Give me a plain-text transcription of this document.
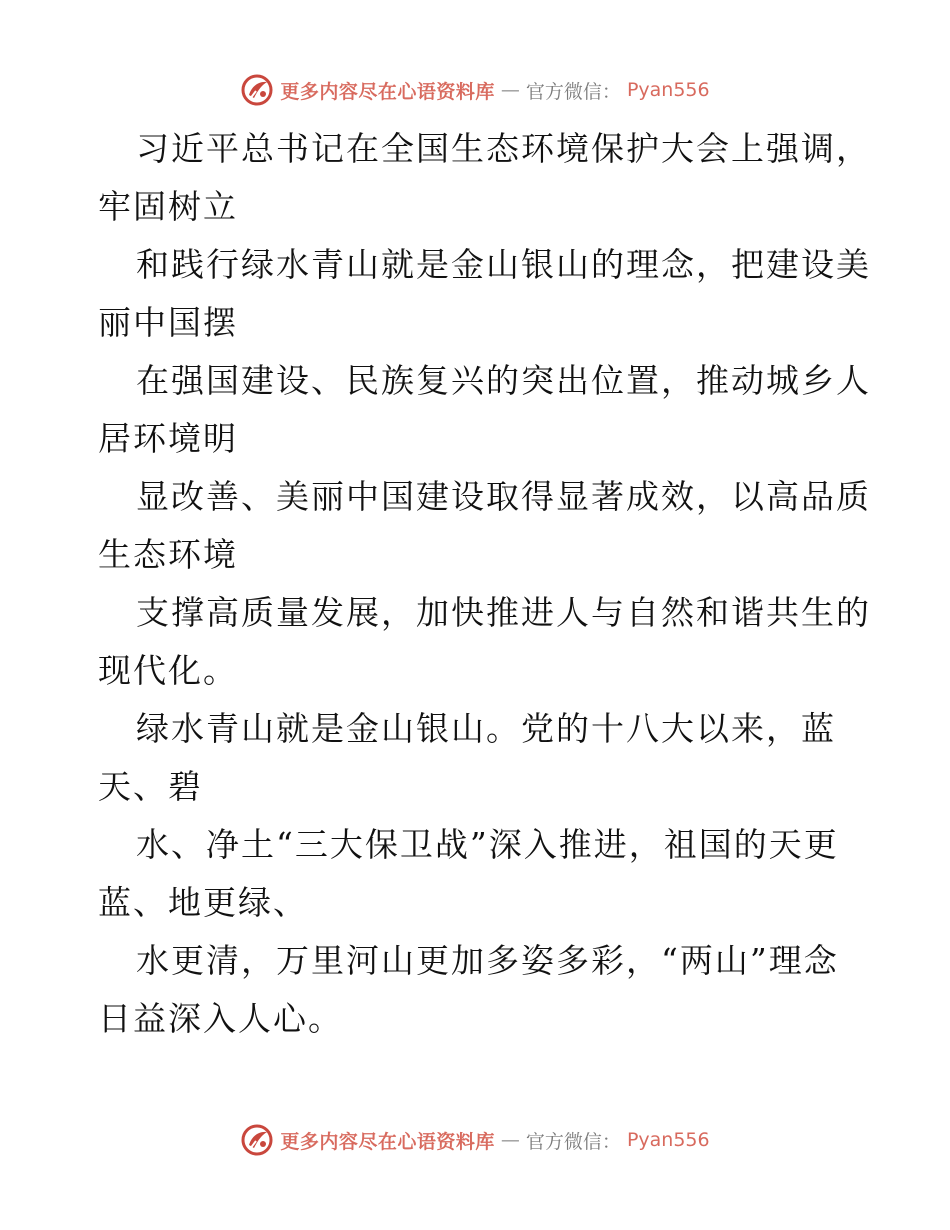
更多内容尽在心语资料库 — 官方微信： Pyan556

习近平总书记在全国生态环境保护大会上强调，
牢固树立

和践行绿水青山就是金山银山的理念，把建设美
丽中国摆

在强国建设、民族复兴的突出位置，推动城乡人
居环境明

显改善、美丽中国建设取得显著成效，以高品质
生态环境

支撑高质量发展，加快推进人与自然和谐共生的
现代化。

绿水青山就是金山银山。党的十八大以来，蓝
天、碧

水、净土“三大保卫战”深入推进，祖国的天更
蓝、地更绿、

水更清，万里河山更加多姿多彩，“两山”理念
日益深入人心。

更多内容尽在心语资料库 — 官方微信： Pyan556
